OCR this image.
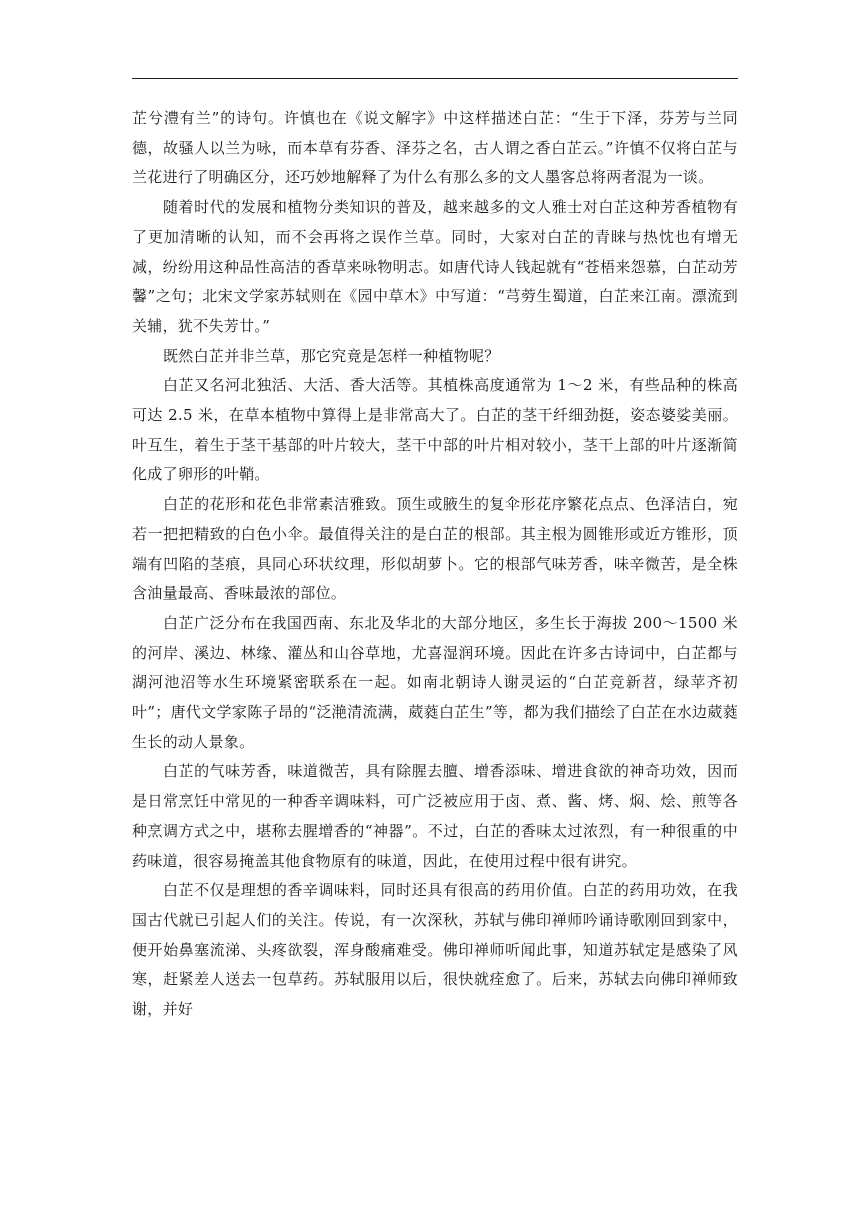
芷兮澧有兰”的诗句。许慎也在《说文解字》中这样描述白芷：“生于下泽，芬芳与兰同德，故骚人以兰为咏，而本草有芬香、泽芬之名，古人谓之香白芷云。”许慎不仅将白芷与兰花进行了明确区分，还巧妙地解释了为什么有那么多的文人墨客总将两者混为一谈。

随着时代的发展和植物分类知识的普及，越来越多的文人雅士对白芷这种芳香植物有了更加清晰的认知，而不会再将之误作兰草。同时，大家对白芷的青睐与热忱也有增无减，纷纷用这种品性高洁的香草来咏物明志。如唐代诗人钱起就有“苍梧来怨慕，白芷动芳馨”之句；北宋文学家苏轼则在《园中草木》中写道：“芎䓖生蜀道，白芷来江南。漂流到关辅，犹不失芳廿。”

既然白芷并非兰草，那它究竟是怎样一种植物呢？

白芷又名河北独活、大活、香大活等。其植株高度通常为 1～2 米，有些品种的株高可达 2.5 米，在草本植物中算得上是非常高大了。白芷的茎干纤细劲挺，姿态婆娑美丽。叶互生，着生于茎干基部的叶片较大，茎干中部的叶片相对较小，茎干上部的叶片逐渐简化成了卵形的叶鞘。

白芷的花形和花色非常素洁雅致。顶生或腋生的复伞形花序繁花点点、色泽洁白，宛若一把把精致的白色小伞。最值得关注的是白芷的根部。其主根为圆锥形或近方锥形，顶端有凹陷的茎痕，具同心环状纹理，形似胡萝卜。它的根部气味芳香，味辛微苦，是全株含油量最高、香味最浓的部位。

白芷广泛分布在我国西南、东北及华北的大部分地区，多生长于海拔 200～1500 米的河岸、溪边、林缘、灌丛和山谷草地，尤喜湿润环境。因此在许多古诗词中，白芷都与湖河池沼等水生环境紧密联系在一起。如南北朝诗人谢灵运的“白芷竞新苕，绿苹齐初叶”；唐代文学家陈子昂的“泛滟清流满，葳蕤白芷生”等，都为我们描绘了白芷在水边葳蕤生长的动人景象。

白芷的气味芳香，味道微苦，具有除腥去膻、增香添味、增进食欲的神奇功效，因而是日常烹饪中常见的一种香辛调味料，可广泛被应用于卤、煮、酱、烤、焖、烩、煎等各种烹调方式之中，堪称去腥增香的“神器”。不过，白芷的香味太过浓烈，有一种很重的中药味道，很容易掩盖其他食物原有的味道，因此，在使用过程中很有讲究。

白芷不仅是理想的香辛调味料，同时还具有很高的药用价值。白芷的药用功效，在我国古代就已引起人们的关注。传说，有一次深秋，苏轼与佛印禅师吟诵诗歌刚回到家中，便开始鼻塞流涕、头疼欲裂，浑身酸痛难受。佛印禅师听闻此事，知道苏轼定是感染了风寒，赶紧差人送去一包草药。苏轼服用以后，很快就痊愈了。后来，苏轼去向佛印禅师致谢，并好
